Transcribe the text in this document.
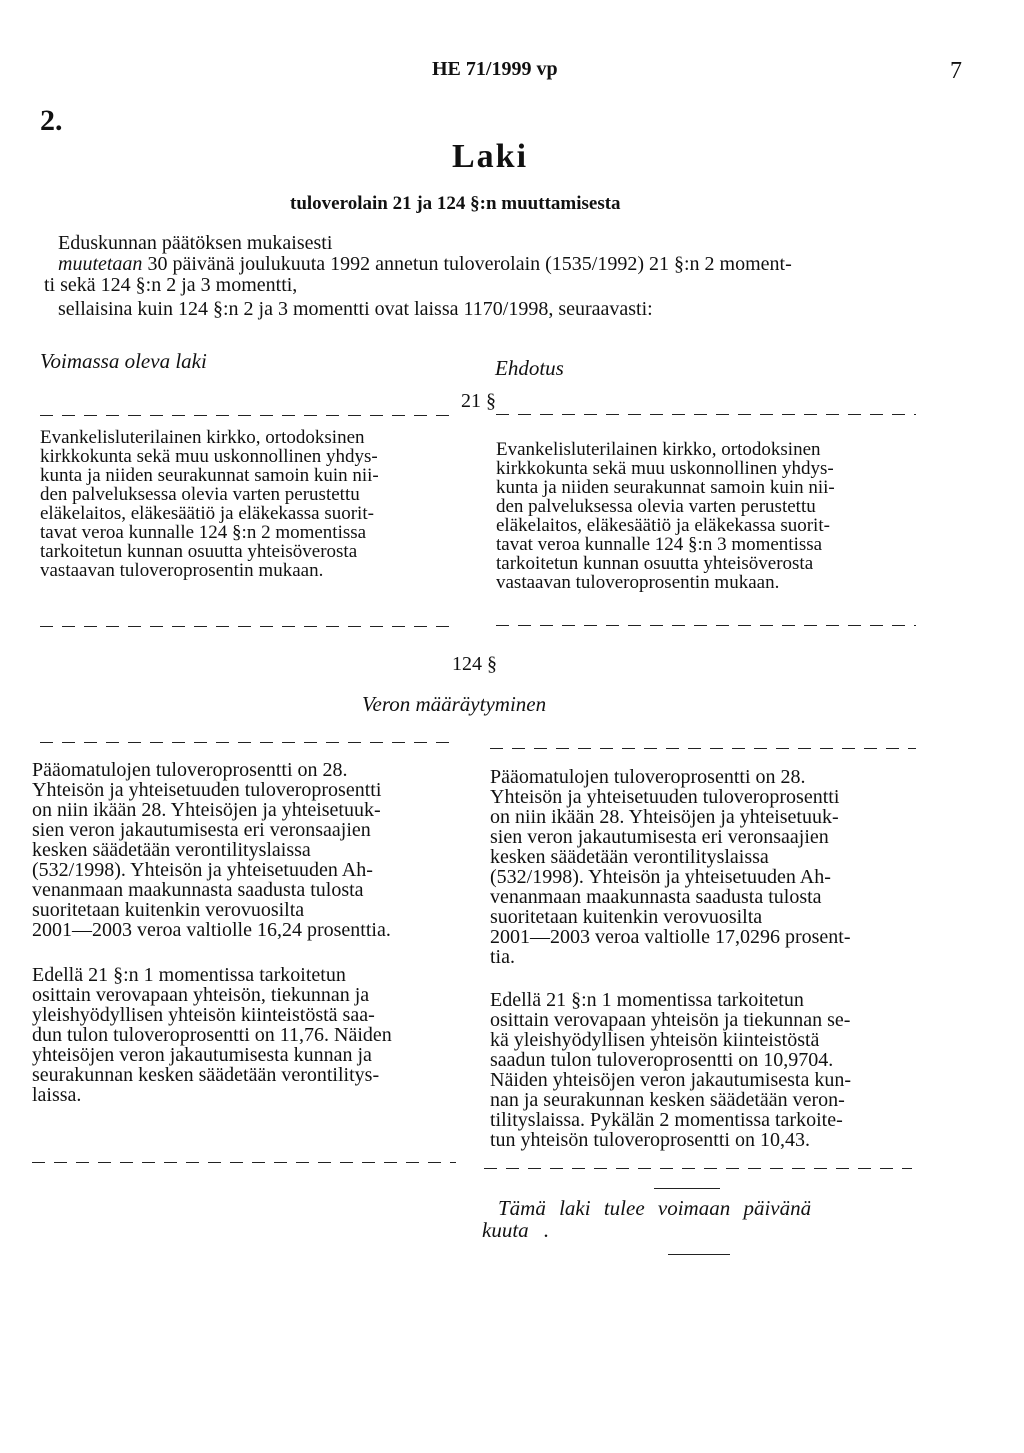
HE 71/1999 vp	7
2.
Laki
tuloverolain 21 ja 124 §:n muuttamisesta
Eduskunnan päätöksen mukaisesti
muutetaan 30 päivänä joulukuuta 1992 annetun tuloverolain (1535/1992) 21 §:n 2 moment-
ti sekä 124 §:n 2 ja 3 momentti,
sellaisina kuin 124 §:n 2 ja 3 momentti ovat laissa 1170/1998, seuraavasti:
Voimassa oleva laki	Ehdotus
21 §
Evankelisluterilainen kirkko, ortodoksinen
kirkkokunta sekä muu uskonnollinen yhdys-
kunta ja niiden seurakunnat samoin kuin nii-
den palveluksessa olevia varten perustettu
eläkelaitos, eläkesäätiö ja eläkekassa suorit-
tavat veroa kunnalle 124 §:n 2 momentissa
tarkoitetun kunnan osuutta yhteisöverosta
vastaavan tuloveroprosentin mukaan.
Evankelisluterilainen kirkko, ortodoksinen
kirkkokunta sekä muu uskonnollinen yhdys-
kunta ja niiden seurakunnat samoin kuin nii-
den palveluksessa olevia varten perustettu
eläkelaitos, eläkesäätiö ja eläkekassa suorit-
tavat veroa kunnalle 124 §:n 3 momentissa
tarkoitetun kunnan osuutta yhteisöverosta
vastaavan tuloveroprosentin mukaan.
124 §
Veron määräytyminen
Pääomatulojen tuloveroprosentti on 28.
Yhteisön ja yhteisetuuden tuloveroprosentti
on niin ikään 28. Yhteisöjen ja yhteisetuuk-
sien veron jakautumisesta eri veronsaajien
kesken säädetään verontilityslaissa
(532/1998). Yhteisön ja yhteisetuuden Ah-
venanmaan maakunnasta saadusta tulosta
suoritetaan kuitenkin verovuosilta
2001—2003 veroa valtiolle 16,24 prosenttia.
Edellä 21 §:n 1 momentissa tarkoitetun
osittain verovapaan yhteisön, tiekunnan ja
yleishyödyllisen yhteisön kiinteistöstä saa-
dun tulon tuloveroprosentti on 11,76. Näiden
yhteisöjen veron jakautumisesta kunnan ja
seurakunnan kesken säädetään verontilitys-
laissa.
Pääomatulojen tuloveroprosentti on 28.
Yhteisön ja yhteisetuuden tuloveroprosentti
on niin ikään 28. Yhteisöjen ja yhteisetuuk-
sien veron jakautumisesta eri veronsaajien
kesken säädetään verontilityslaissa
(532/1998). Yhteisön ja yhteisetuuden Ah-
venanmaan maakunnasta saadusta tulosta
suoritetaan kuitenkin verovuosilta
2001—2003 veroa valtiolle 17,0296 prosent-
tia.
Edellä 21 §:n 1 momentissa tarkoitetun
osittain verovapaan yhteisön ja tiekunnan se-
kä yleishyödyllisen yhteisön kiinteistöstä
saadun tulon tuloveroprosentti on 10,9704.
Näiden yhteisöjen veron jakautumisesta kun-
nan ja seurakunnan kesken säädetään veron-
tilityslaissa. Pykälän 2 momentissa tarkoite-
tun yhteisön tuloveroprosentti on 10,43.
Tämä laki tulee voimaan päivänä
kuuta .
